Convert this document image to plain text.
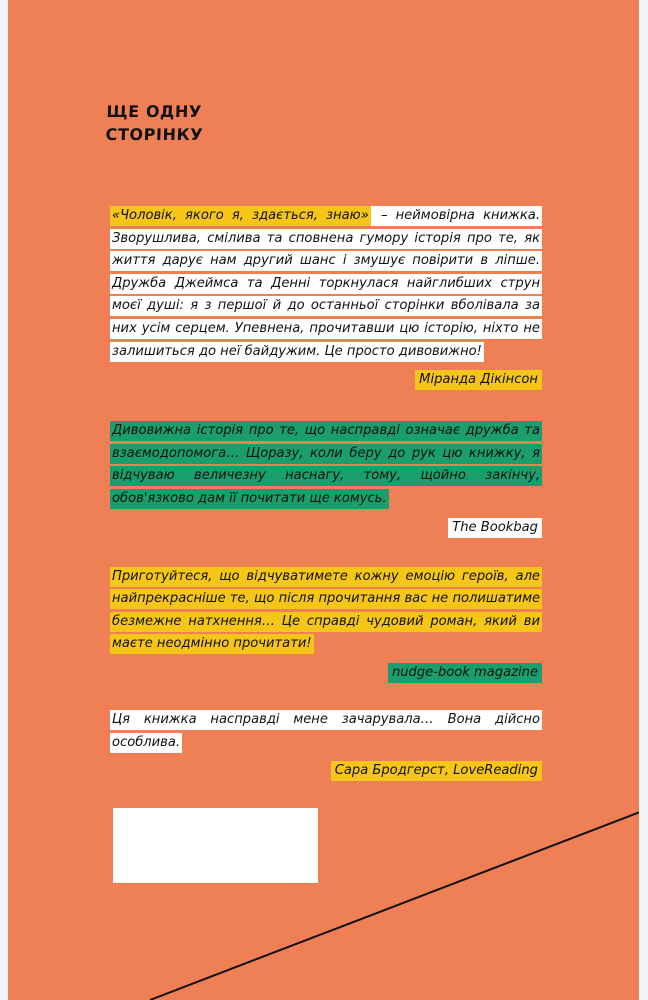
ЩЕ ОДНУ
СТОРІНКУ
«Чоловік, якого я, здається, знаю» – неймовірна книжка. Зворушлива, смілива та сповнена гумору історія про те, як життя дарує нам другий шанс і змушує повірити в ліпше. Дружба Джеймса та Денні торкнулася найглибших струн моєї душі: я з першої й до останньої сторінки вболівала за них усім серцем. Упевнена, прочитавши цю історію, ніхто не залишиться до неї байдужим. Це просто дивовижно!
Міранда Дікінсон
Дивовижна історія про те, що насправді означає дружба та взаємодопомога… Щоразу, коли беру до рук цю книжку, я відчуваю величезну наснагу, тому, щойно закінчу, обов'язково дам її почитати ще комусь.
The Bookbag
Приготуйтеся, що відчуватимете кожну емоцію героїв, але найпрекрасніше те, що після прочитання вас не полишатиме безмежне натхнення… Це справді чудовий роман, який ви маєте неодмінно прочитати!
nudge-book magazine
Ця книжка насправді мене зачарувала… Вона дійсно особлива.
Сара Бродгерст, LoveReading
